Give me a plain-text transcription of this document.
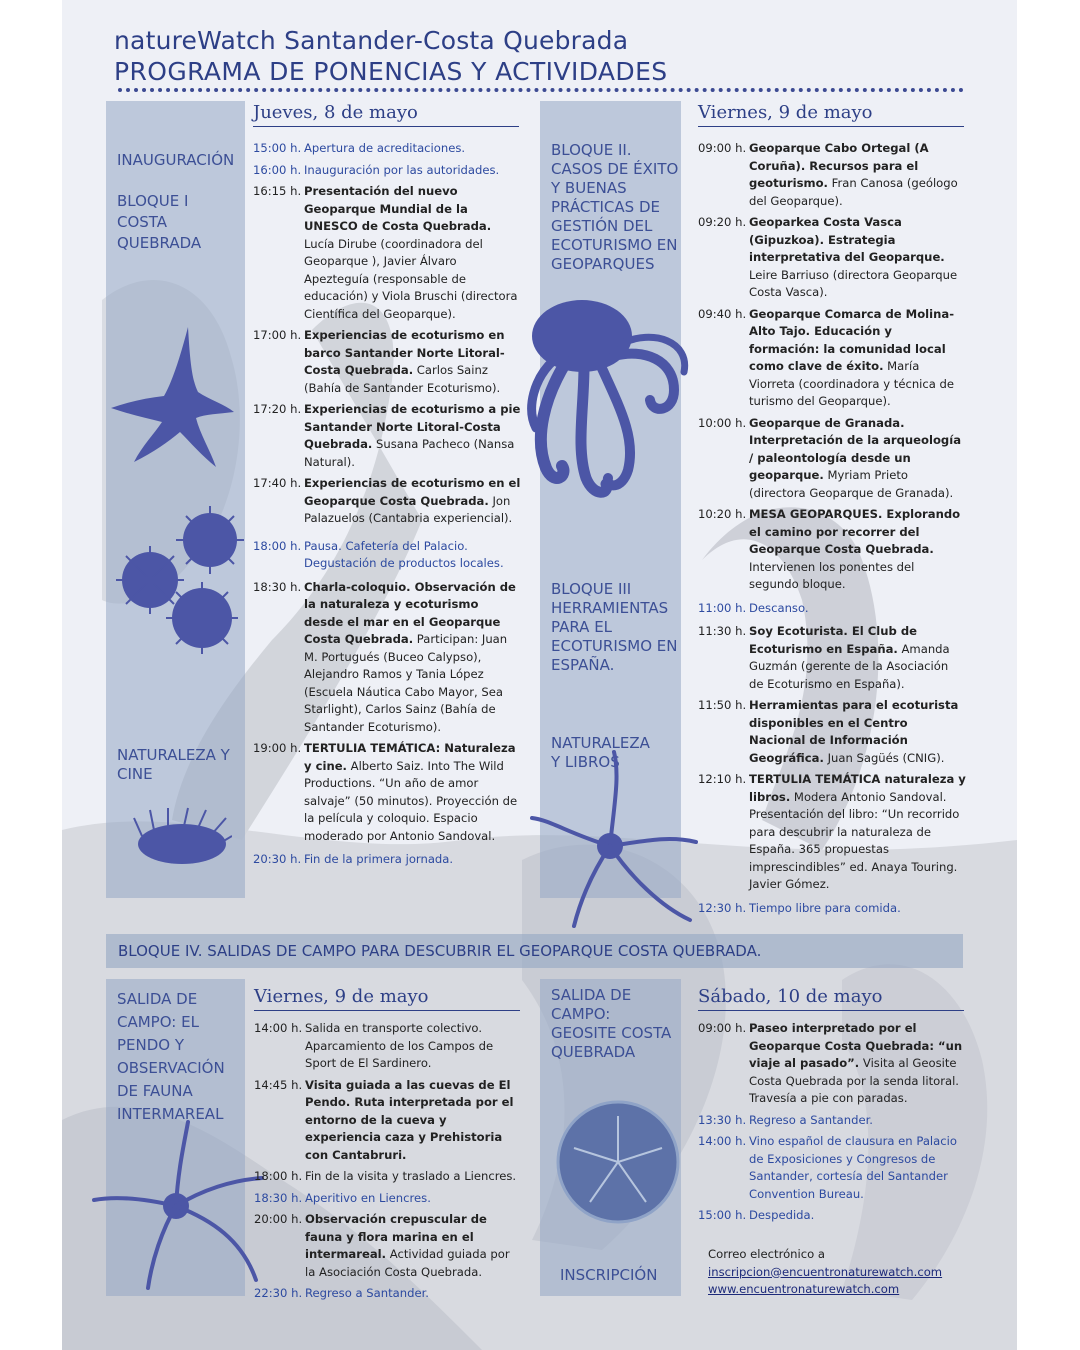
natureWatch Santander-Costa Quebrada
PROGRAMA DE PONENCIAS Y ACTIVIDADES
INAUGURACIÓN
BLOQUE I COSTA QUEBRADA
NATURALEZA Y CINE
Jueves, 8 de mayo
15:00 h. Apertura de acreditaciones.
16:00 h. Inauguración por las autoridades.
16:15 h. Presentación del nuevo Geoparque Mundial de la UNESCO de Costa Quebrada. Lucía Dirube (coordinadora del Geoparque ), Javier Álvaro Apezteguía (responsable de educación) y Viola Bruschi (directora Científica del Geoparque).
17:00 h. Experiencias de ecoturismo en barco Santander Norte Litoral-Costa Quebrada. Carlos Sainz (Bahía de Santander Ecoturismo).
17:20 h. Experiencias de ecoturismo a pie Santander Norte Litoral-Costa Quebrada. Susana Pacheco (Nansa Natural).
17:40 h. Experiencias de ecoturismo en el Geoparque Costa Quebrada. Jon Palazuelos (Cantabria experiencial).
18:00 h. Pausa. Cafetería del Palacio. Degustación de productos locales.
18:30 h. Charla-coloquio. Observación de la naturaleza y ecoturismo desde el mar en el Geoparque Costa Quebrada. Participan: Juan M. Portugués (Buceo Calypso), Alejandro Ramos y Tania López (Escuela Náutica Cabo Mayor, Sea Starlight), Carlos Sainz (Bahía de Santander Ecoturismo).
19:00 h. TERTULIA TEMÁTICA: Naturaleza y cine. Alberto Saiz. Into The Wild Productions. “Un año de amor salvaje” (50 minutos). Proyección de la película y coloquio. Espacio moderado por Antonio Sandoval.
20:30 h. Fin de la primera jornada.
BLOQUE II. CASOS DE ÉXITO Y BUENAS PRÁCTICAS DE GESTIÓN DEL ECOTURISMO EN GEOPARQUES
BLOQUE III HERRAMIENTAS PARA EL ECOTURISMO EN ESPAÑA.
NATURALEZA Y LIBROS
Viernes, 9 de mayo
09:00 h. Geoparque Cabo Ortegal (A Coruña). Recursos para el geoturismo. Fran Canosa (geólogo del Geoparque).
09:20 h. Geoparkea Costa Vasca (Gipuzkoa). Estrategia interpretativa del Geoparque. Leire Barriuso (directora Geoparque Costa Vasca).
09:40 h. Geoparque Comarca de Molina-Alto Tajo. Educación y formación: la comunidad local como clave de éxito. María Viorreta (coordinadora y técnica de turismo del Geoparque).
10:00 h. Geoparque de Granada. Interpretación de la arqueología / paleontología desde un geoparque. Myriam Prieto (directora Geoparque de Granada).
10:20 h. MESA GEOPARQUES. Explorando el camino por recorrer del Geoparque Costa Quebrada. Intervienen los ponentes del segundo bloque.
11:00 h. Descanso.
11:30 h. Soy Ecoturista. El Club de Ecoturismo en España. Amanda Guzmán (gerente de la Asociación de Ecoturismo en España).
11:50 h. Herramientas para el ecoturista disponibles en el Centro Nacional de Información Geográfica. Juan Sagüés (CNIG).
12:10 h. TERTULIA TEMÁTICA naturaleza y libros. Modera Antonio Sandoval. Presentación del libro: “Un recorrido para descubrir la naturaleza de España. 365 propuestas imprescindibles” ed. Anaya Touring. Javier Gómez.
12:30 h. Tiempo libre para comida.
BLOQUE IV. SALIDAS DE CAMPO PARA DESCUBRIR EL GEOPARQUE COSTA QUEBRADA.
SALIDA DE CAMPO: EL PENDO Y OBSERVACIÓN DE FAUNA INTERMAREAL
Viernes, 9 de mayo
14:00 h. Salida en transporte colectivo. Aparcamiento de los Campos de Sport de El Sardinero.
14:45 h. Visita guiada a las cuevas de El Pendo. Ruta interpretada por el entorno de la cueva y experiencia caza y Prehistoria con Cantabruri.
18:00 h. Fin de la visita y traslado a Liencres.
18:30 h. Aperitivo en Liencres.
20:00 h. Observación crepuscular de fauna y flora marina en el intermareal. Actividad guiada por la Asociación Costa Quebrada.
22:30 h. Regreso a Santander.
SALIDA DE CAMPO: GEOSITE COSTA QUEBRADA
INSCRIPCIÓN
Sábado, 10 de mayo
09:00 h. Paseo interpretado por el Geoparque Costa Quebrada: “un viaje al pasado”. Visita al Geosite Costa Quebrada por la senda litoral. Travesía a pie con paradas.
13:30 h. Regreso a Santander.
14:00 h. Vino español de clausura en Palacio de Exposiciones y Congresos de Santander, cortesía del Santander Convention Bureau.
15:00 h. Despedida.
Correo electrónico a
inscripcion@encuentronaturewatch.com
www.encuentronaturewatch.com
